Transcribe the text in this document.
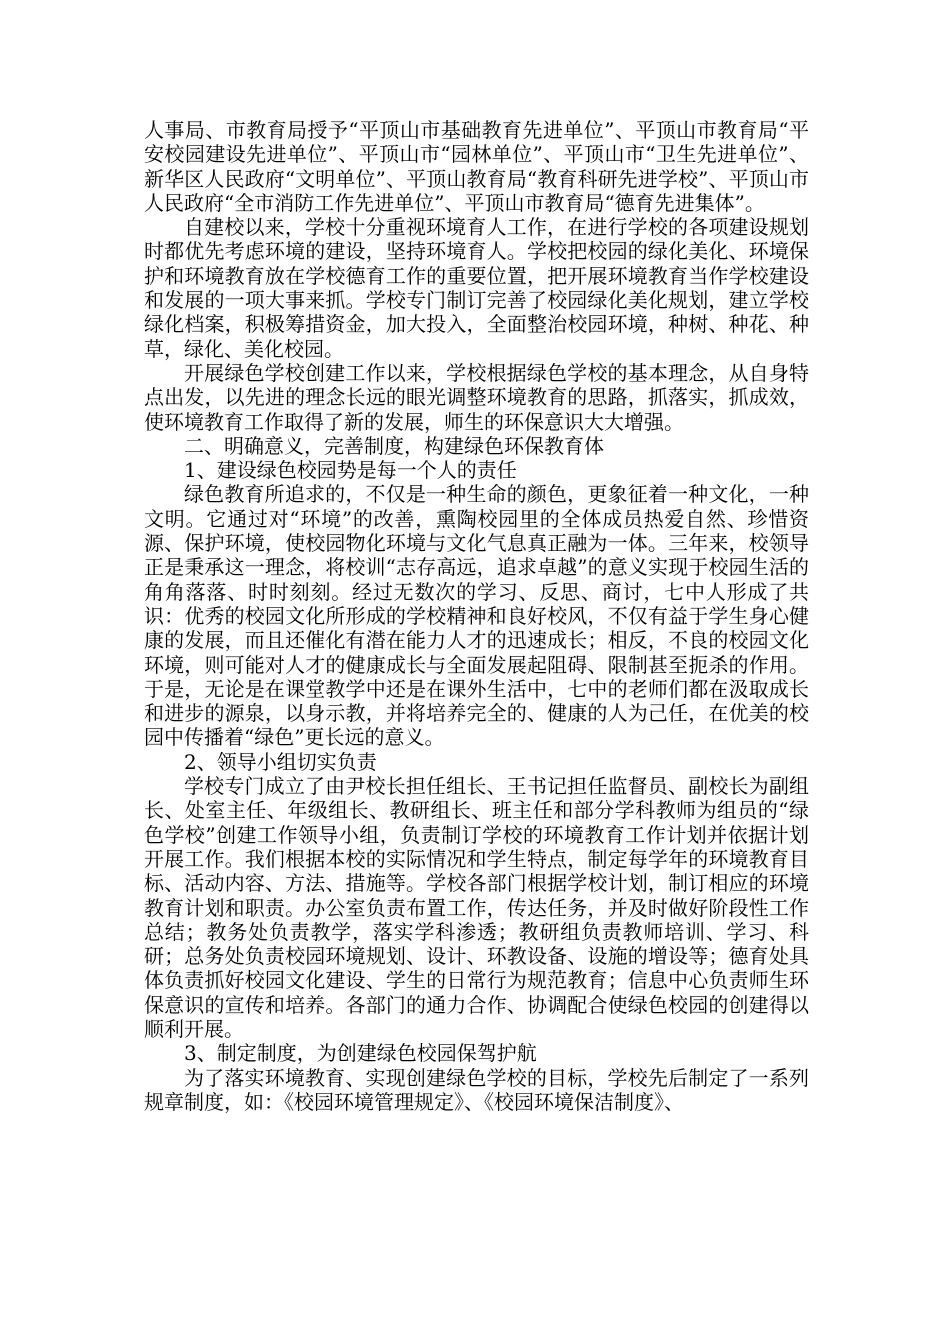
人事局、市教育局授予“平顶山市基础教育先进单位”、平顶山市教育局“平安校园建设先进单位”、平顶山市“园林单位”、平顶山市“卫生先进单位”、新华区人民政府“文明单位”、平顶山教育局“教育科研先进学校”、平顶山市人民政府“全市消防工作先进单位”、平顶山市教育局“德育先进集体”。

自建校以来，学校十分重视环境育人工作，在进行学校的各项建设规划时都优先考虑环境的建设，坚持环境育人。学校把校园的绿化美化、环境保护和环境教育放在学校德育工作的重要位置，把开展环境教育当作学校建设和发展的一项大事来抓。学校专门制订完善了校园绿化美化规划，建立学校绿化档案，积极筹措资金，加大投入，全面整治校园环境，种树、种花、种草，绿化、美化校园。

开展绿色学校创建工作以来，学校根据绿色学校的基本理念，从自身特点出发，以先进的理念长远的眼光调整环境教育的思路，抓落实，抓成效，使环境教育工作取得了新的发展，师生的环保意识大大增强。

二、明确意义，完善制度，构建绿色环保教育体

1、建设绿色校园势是每一个人的责任

绿色教育所追求的，不仅是一种生命的颜色，更象征着一种文化，一种文明。它通过对“环境”的改善，熏陶校园里的全体成员热爱自然、珍惜资源、保护环境，使校园物化环境与文化气息真正融为一体。三年来，校领导正是秉承这一理念，将校训“志存高远，追求卓越”的意义实现于校园生活的角角落落、时时刻刻。经过无数次的学习、反思、商讨，七中人形成了共识：优秀的校园文化所形成的学校精神和良好校风，不仅有益于学生身心健康的发展，而且还催化有潜在能力人才的迅速成长；相反，不良的校园文化环境，则可能对人才的健康成长与全面发展起阻碍、限制甚至扼杀的作用。于是，无论是在课堂教学中还是在课外生活中，七中的老师们都在汲取成长和进步的源泉，以身示教，并将培养完全的、健康的人为己任，在优美的校园中传播着“绿色”更长远的意义。

2、领导小组切实负责

学校专门成立了由尹校长担任组长、王书记担任监督员、副校长为副组长、处室主任、年级组长、教研组长、班主任和部分学科教师为组员的“绿色学校”创建工作领导小组，负责制订学校的环境教育工作计划并依据计划开展工作。我们根据本校的实际情况和学生特点，制定每学年的环境教育目标、活动内容、方法、措施等。学校各部门根据学校计划，制订相应的环境教育计划和职责。办公室负责布置工作，传达任务，并及时做好阶段性工作总结；教务处负责教学，落实学科渗透；教研组负责教师培训、学习、科研；总务处负责校园环境规划、设计、环教设备、设施的增设等；德育处具体负责抓好校园文化建设、学生的日常行为规范教育；信息中心负责师生环保意识的宣传和培养。各部门的通力合作、协调配合使绿色校园的创建得以顺利开展。

3、制定制度，为创建绿色校园保驾护航

为了落实环境教育、实现创建绿色学校的目标，学校先后制定了一系列规章制度，如：《校园环境管理规定》、《校园环境保洁制度》、
